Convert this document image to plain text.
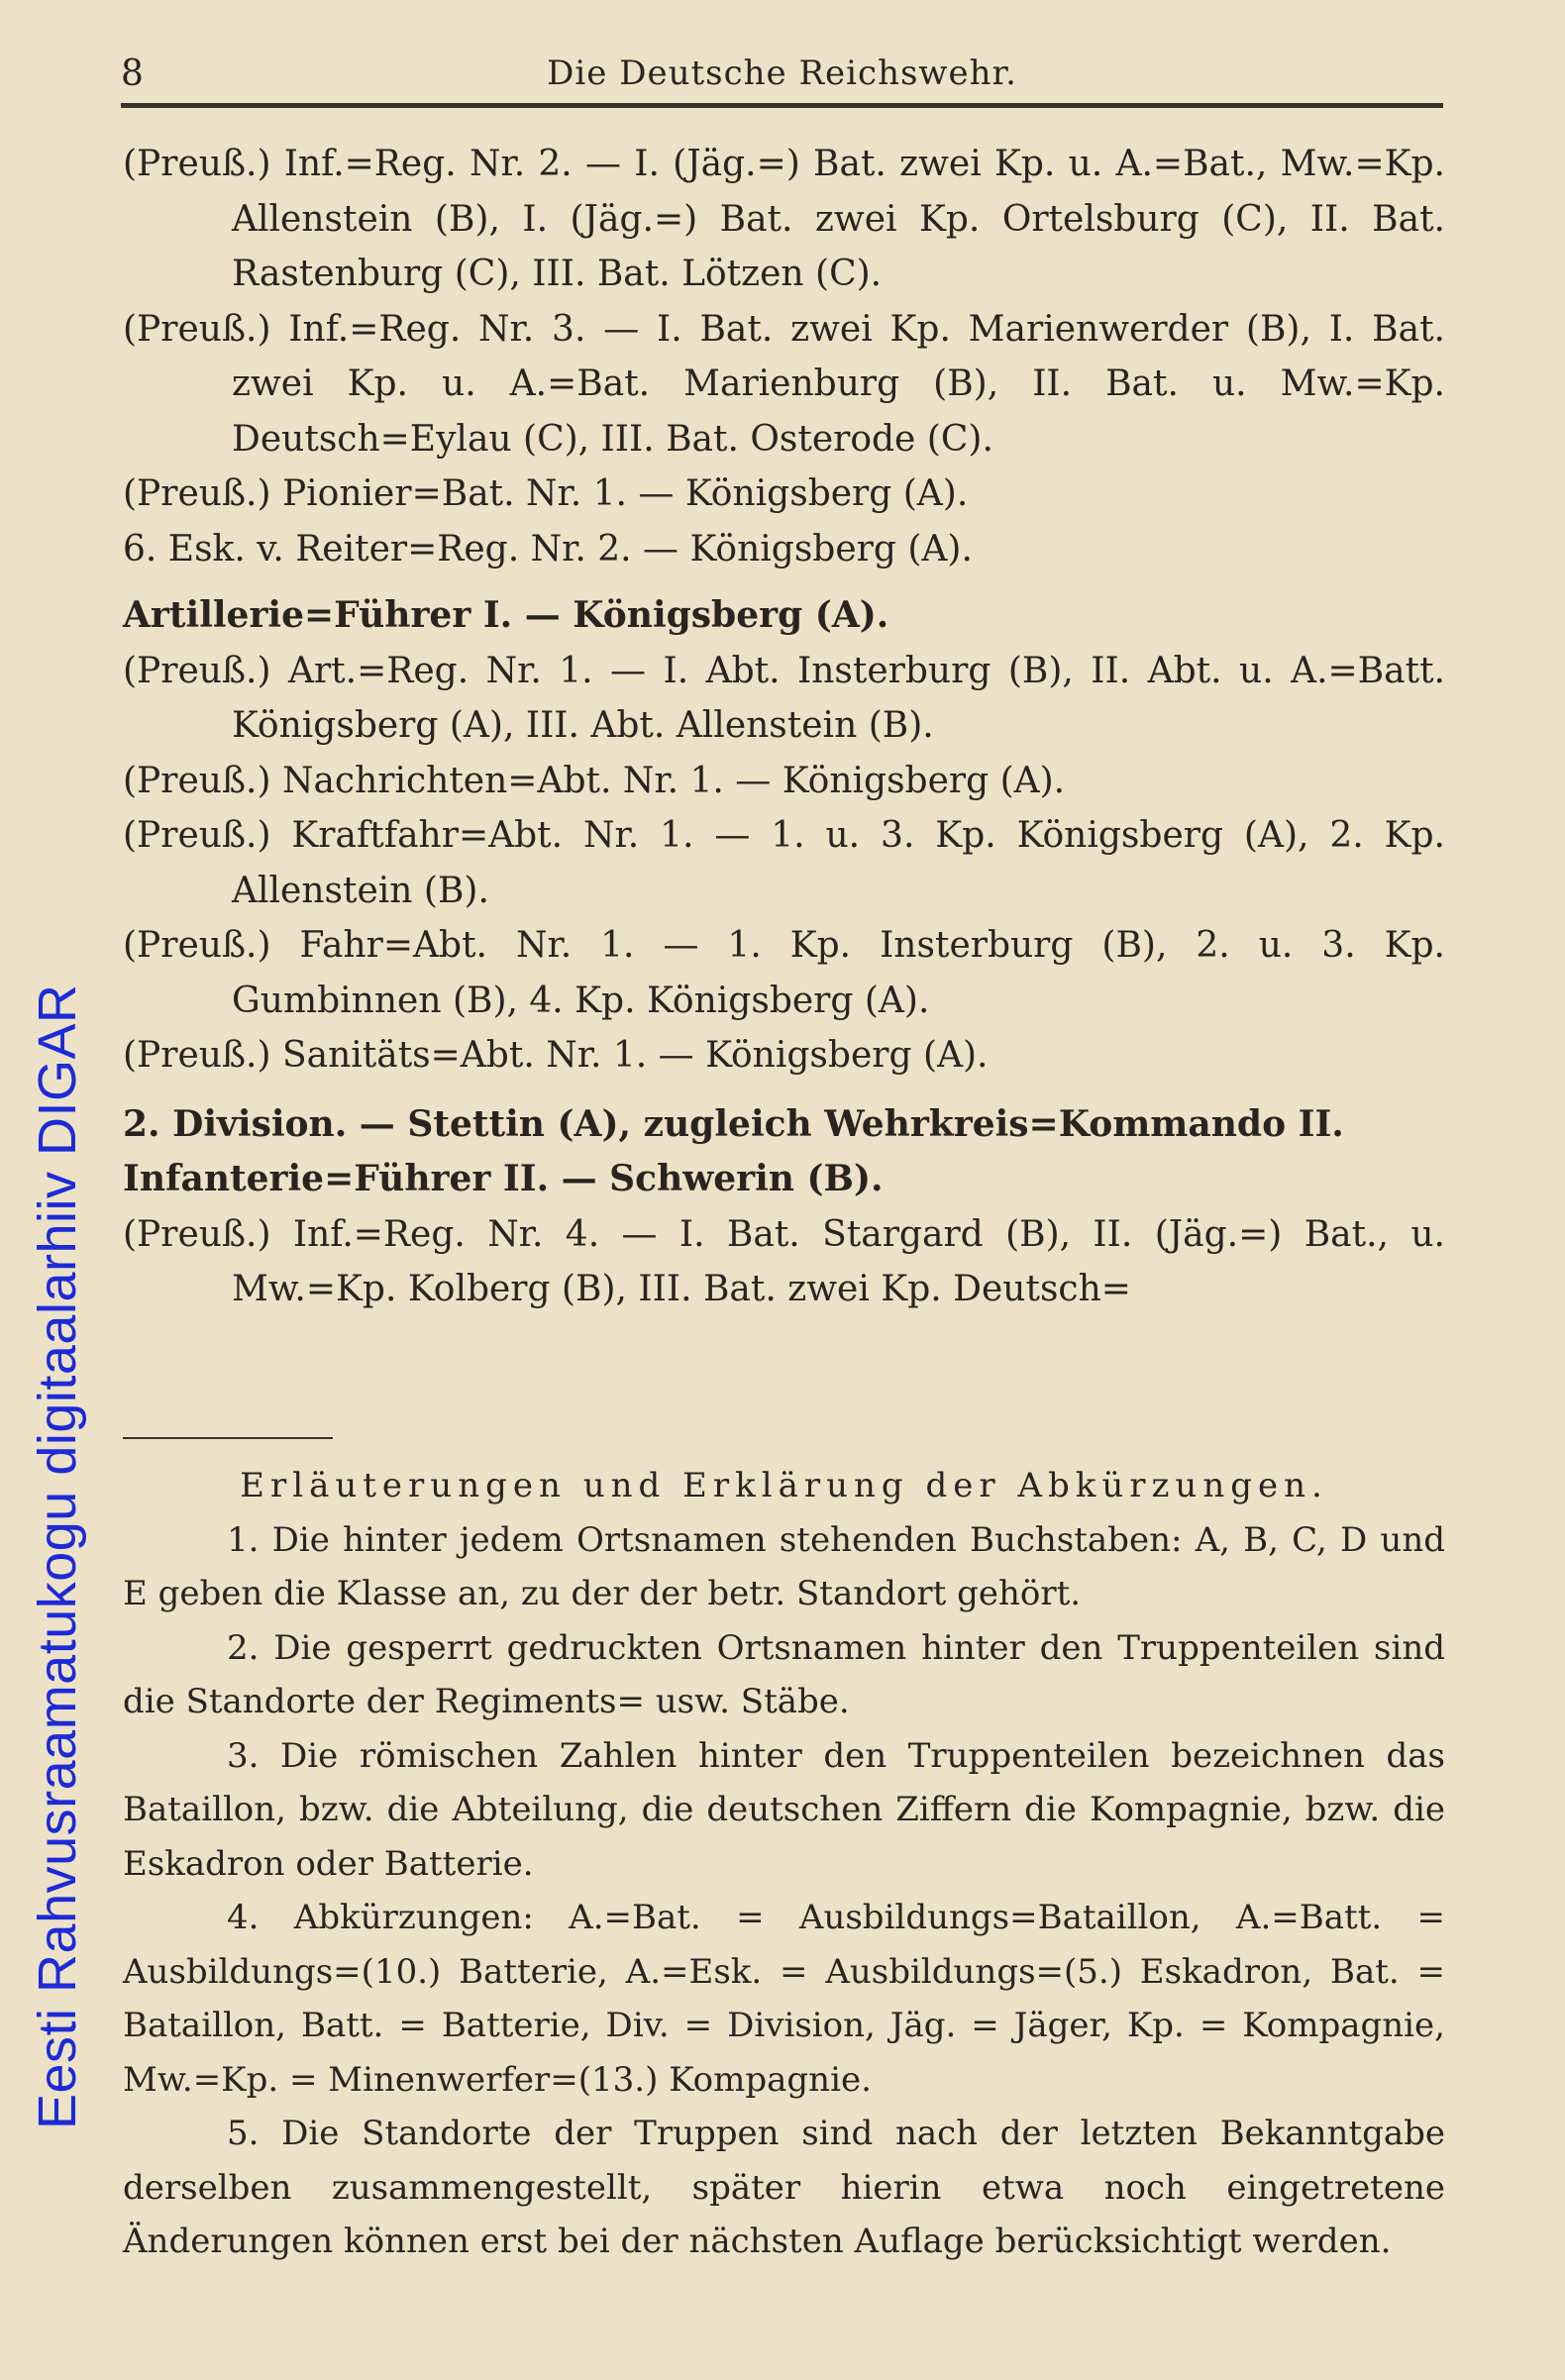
Eesti Rahvusraamatukogu digitaalarhiiv DIGAR
8	Die Deutsche Reichswehr.

(Preuß.) Inf.=Reg. Nr. 2. — I. (Jäg.=) Bat. zwei Kp. u. A.=Bat., Mw.=Kp. Allenstein (B), I. (Jäg.=) Bat. zwei Kp. Ortelsburg (C), II. Bat. Rastenburg (C), III. Bat. Lötzen (C).

(Preuß.) Inf.=Reg. Nr. 3. — I. Bat. zwei Kp. Marienwerder (B), I. Bat. zwei Kp. u. A.=Bat. Marienburg (B), II. Bat. u. Mw.=Kp. Deutsch=Eylau (C), III. Bat. Osterode (C).

(Preuß.) Pionier=Bat. Nr. 1. — Königsberg (A).

6. Esk. v. Reiter=Reg. Nr. 2. — Königsberg (A).

Artillerie=Führer I. — Königsberg (A).

(Preuß.) Art.=Reg. Nr. 1. — I. Abt. Insterburg (B), II. Abt. u. A.=Batt. Königsberg (A), III. Abt. Allenstein (B).

(Preuß.) Nachrichten=Abt. Nr. 1. — Königsberg (A).

(Preuß.) Kraftfahr=Abt. Nr. 1. — 1. u. 3. Kp. Königsberg (A), 2. Kp. Allenstein (B).

(Preuß.) Fahr=Abt. Nr. 1. — 1. Kp. Insterburg (B), 2. u. 3. Kp. Gumbinnen (B), 4. Kp. Königsberg (A).

(Preuß.) Sanitäts=Abt. Nr. 1. — Königsberg (A).

2. Division. — Stettin (A), zugleich Wehrkreis=Kommando II.

Infanterie=Führer II. — Schwerin (B).

(Preuß.) Inf.=Reg. Nr. 4. — I. Bat. Stargard (B), II. (Jäg.=) Bat., u. Mw.=Kp. Kolberg (B), III. Bat. zwei Kp. Deutsch=

Erläuterungen und Erklärung der Abkürzungen.

1. Die hinter jedem Ortsnamen stehenden Buchstaben: A, B, C, D und E geben die Klasse an, zu der der betr. Standort gehört.

2. Die gesperrt gedruckten Ortsnamen hinter den Truppenteilen sind die Standorte der Regiments= usw. Stäbe.

3. Die römischen Zahlen hinter den Truppenteilen bezeichnen das Bataillon, bzw. die Abteilung, die deutschen Ziffern die Kompagnie, bzw. die Eskadron oder Batterie.

4. Abkürzungen: A.=Bat. = Ausbildungs=Bataillon, A.=Batt. = Ausbildungs=(10.) Batterie, A.=Esk. = Ausbildungs=(5.) Eskadron, Bat. = Bataillon, Batt. = Batterie, Div. = Division, Jäg. = Jäger, Kp. = Kompagnie, Mw.=Kp. = Minenwerfer=(13.) Kompagnie.

5. Die Standorte der Truppen sind nach der letzten Bekanntgabe derselben zusammengestellt, später hierin etwa noch eingetretene Änderungen können erst bei der nächsten Auflage berücksichtigt werden.
